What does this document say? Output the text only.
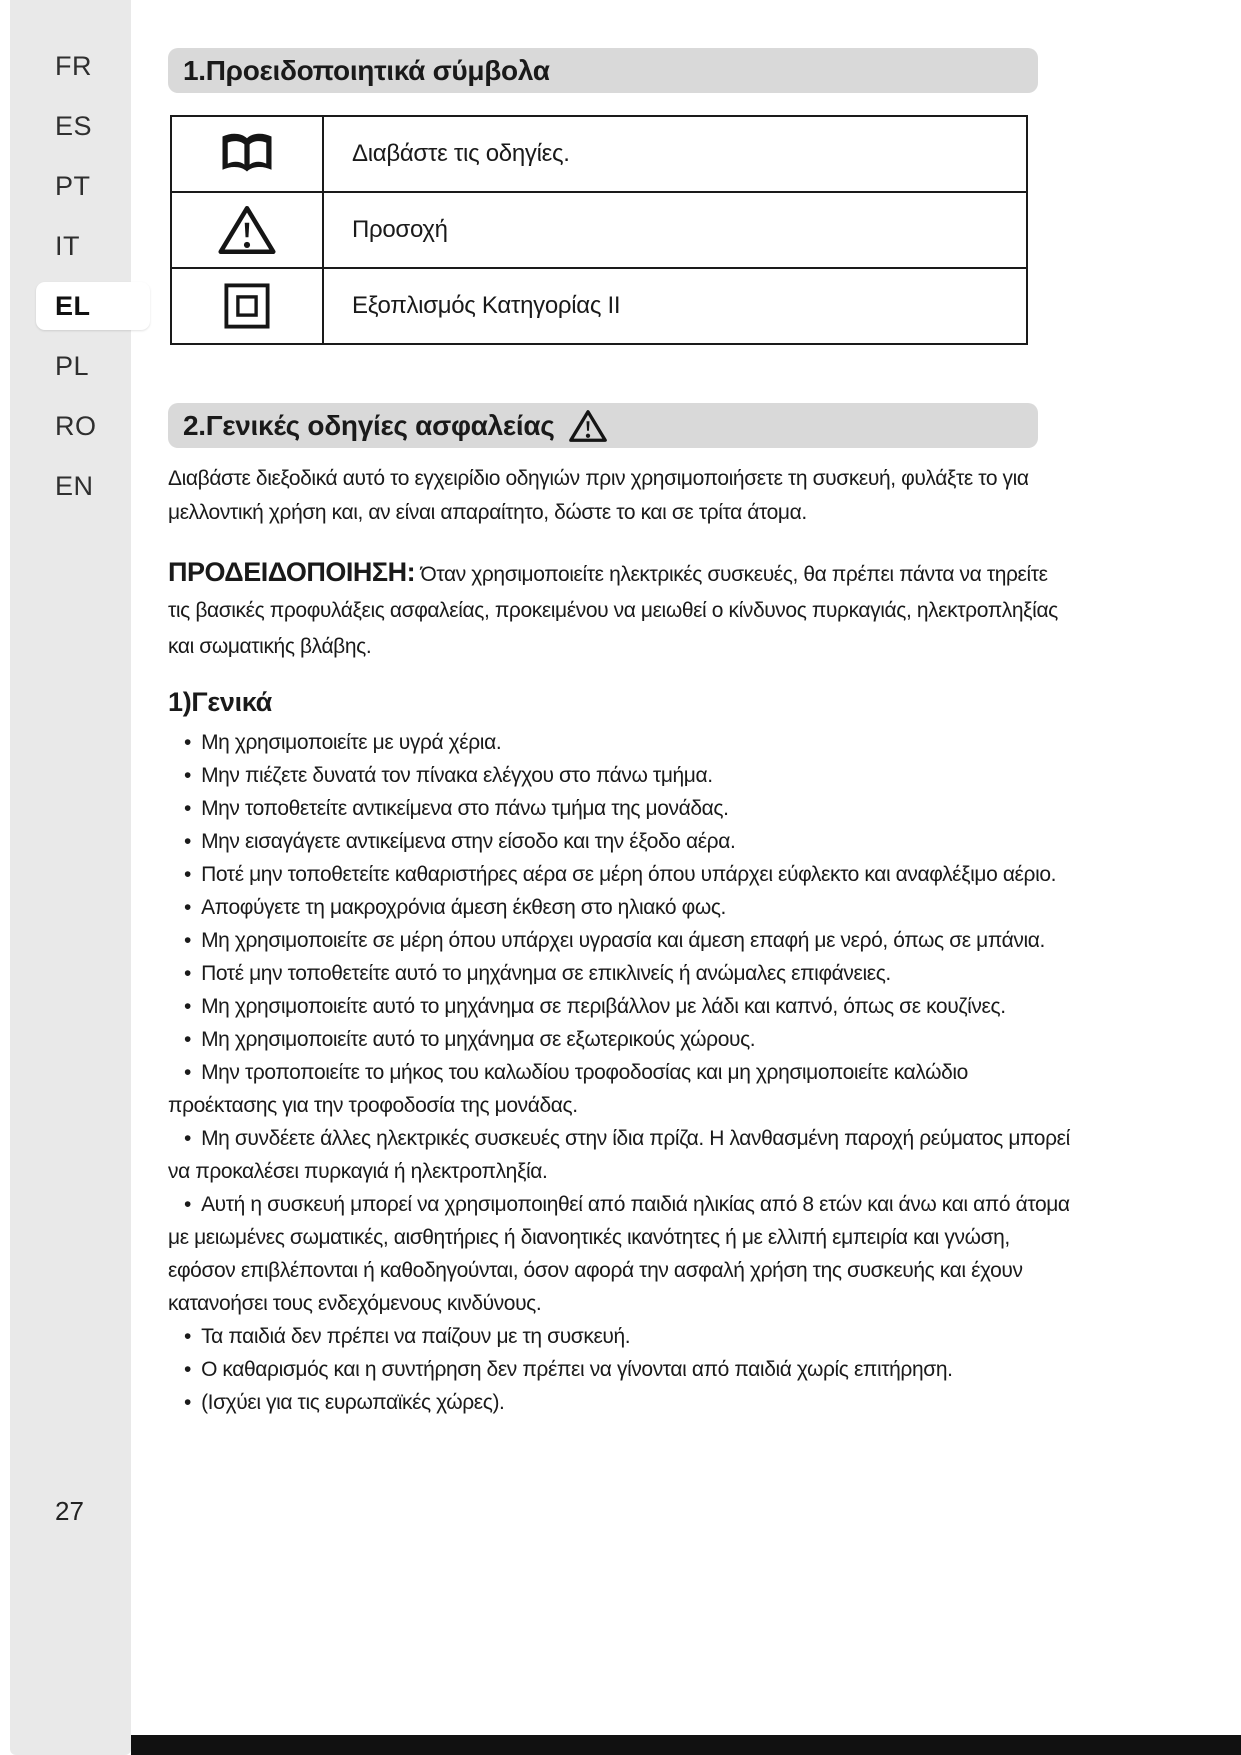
FR
ES
PT
IT
EL
PL
RO
EN
27
1.Προειδοποιητικά σύμβολα
Διαβάστε τις οδηγίες.
Προσοχή
Εξοπλισμός Κατηγορίας II
2.Γενικές οδηγίες ασφαλείας

Διαβάστε διεξοδικά αυτό το εγχειρίδιο οδηγιών πριν χρησιμοποιήσετε τη συσκευή, φυλάξτε το για μελλοντική χρήση και, αν είναι απαραίτητο, δώστε το και σε τρίτα άτομα.

ΠΡΟΔΕΙΔΟΠΟΙΗΣΗ: Όταν χρησιμοποιείτε ηλεκτρικές συσκευές, θα πρέπει πάντα να τηρείτε τις βασικές προφυλάξεις ασφαλείας, προκειμένου να μειωθεί ο κίνδυνος πυρκαγιάς, ηλεκτροπληξίας και σωματικής βλάβης.

1)Γενικά

• Μη χρησιμοποιείτε με υγρά χέρια.

• Μην πιέζετε δυνατά τον πίνακα ελέγχου στο πάνω τμήμα.

• Μην τοποθετείτε αντικείμενα στο πάνω τμήμα της μονάδας.

• Μην εισαγάγετε αντικείμενα στην είσοδο και την έξοδο αέρα.

• Ποτέ μην τοποθετείτε καθαριστήρες αέρα σε μέρη όπου υπάρχει εύφλεκτο και αναφλέξιμο αέριο.

• Αποφύγετε τη μακροχρόνια άμεση έκθεση στο ηλιακό φως.

• Μη χρησιμοποιείτε σε μέρη όπου υπάρχει υγρασία και άμεση επαφή με νερό, όπως σε μπάνια.

• Ποτέ μην τοποθετείτε αυτό το μηχάνημα σε επικλινείς ή ανώμαλες επιφάνειες.

• Μη χρησιμοποιείτε αυτό το μηχάνημα σε περιβάλλον με λάδι και καπνό, όπως σε κουζίνες.

• Μη χρησιμοποιείτε αυτό το μηχάνημα σε εξωτερικούς χώρους.

• Μην τροποποιείτε το μήκος του καλωδίου τροφοδοσίας και μη χρησιμοποιείτε καλώδιο προέκτασης για την τροφοδοσία της μονάδας.

• Μη συνδέετε άλλες ηλεκτρικές συσκευές στην ίδια πρίζα. Η λανθασμένη παροχή ρεύματος μπορεί να προκαλέσει πυρκαγιά ή ηλεκτροπληξία.

• Αυτή η συσκευή μπορεί να χρησιμοποιηθεί από παιδιά ηλικίας από 8 ετών και άνω και από άτομα με μειωμένες σωματικές, αισθητήριες ή διανοητικές ικανότητες ή με ελλιπή εμπειρία και γνώση, εφόσον επιβλέπονται ή καθοδηγούνται, όσον αφορά την ασφαλή χρήση της συσκευής και έχουν κατανοήσει τους ενδεχόμενους κινδύνους.

• Τα παιδιά δεν πρέπει να παίζουν με τη συσκευή.

• Ο καθαρισμός και η συντήρηση δεν πρέπει να γίνονται από παιδιά χωρίς επιτήρηση.

• (Ισχύει για τις ευρωπαϊκές χώρες).
